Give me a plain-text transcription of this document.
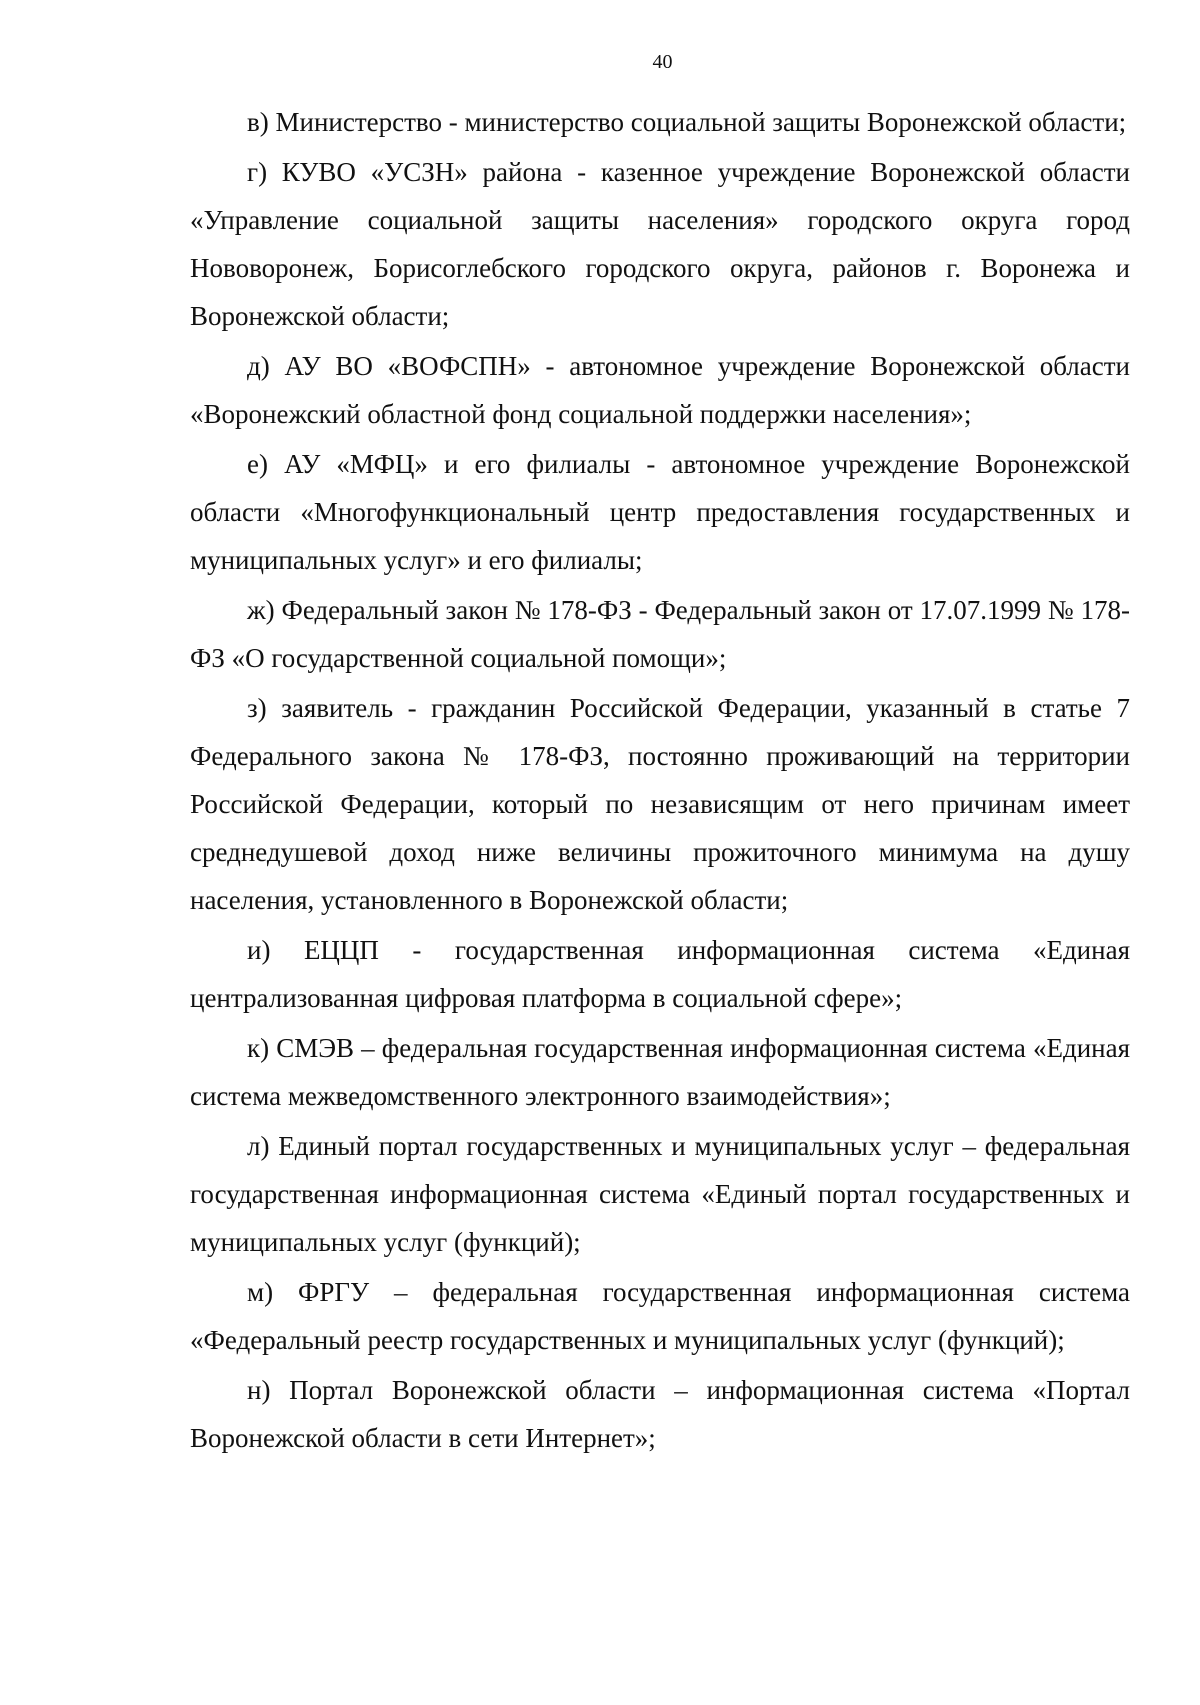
40

в) Министерство - министерство социальной защиты Воронежской области;

г) КУВО «УСЗН» района - казенное учреждение Воронежской области «Управление социальной защиты населения» городского округа город Нововоронеж, Борисоглебского городского округа, районов г. Воронежа и Воронежской области;

д) АУ ВО «ВОФСПН» - автономное учреждение Воронежской области «Воронежский областной фонд социальной поддержки населения»;

е) АУ «МФЦ» и его филиалы - автономное учреждение Воронежской области «Многофункциональный центр предоставления государственных и муниципальных услуг» и его филиалы;

ж) Федеральный закон № 178-ФЗ - Федеральный закон от 17.07.1999 № 178-ФЗ «О государственной социальной помощи»;

з) заявитель - гражданин Российской Федерации, указанный в статье 7 Федерального закона № 178-ФЗ, постоянно проживающий на территории Российской Федерации, который по независящим от него причинам имеет среднедушевой доход ниже величины прожиточного минимума на душу населения, установленного в Воронежской области;

и) ЕЦЦП - государственная информационная система «Единая централизованная цифровая платформа в социальной сфере»;

к) СМЭВ – федеральная государственная информационная система «Единая система межведомственного электронного взаимодействия»;

л) Единый портал государственных и муниципальных услуг – федеральная государственная информационная система «Единый портал государственных и муниципальных услуг (функций);

м) ФРГУ – федеральная государственная информационная система «Федеральный реестр государственных и муниципальных услуг (функций);

н) Портал Воронежской области – информационная система «Портал Воронежской области в сети Интернет»;
